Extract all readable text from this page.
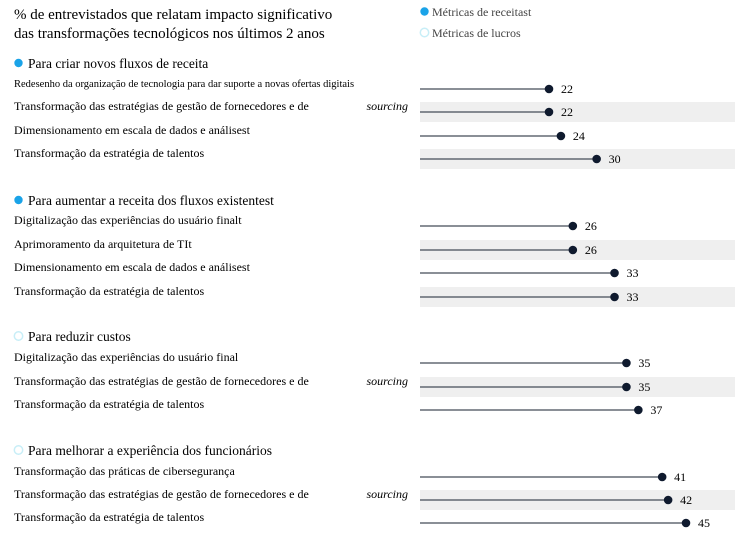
% de entrevistados que relatam impacto significativo
das transformações tecnológicos nos últimos 2 anos
Métricas de receitast
Métricas de lucros
Para criar novos fluxos de receita
Redesenho da organização de tecnologia para dar suporte a novas ofertas digitais	22
Transformação das estratégias de gestão de fornecedores e de	sourcing	22
Dimensionamento em escala de dados e análisest	24
Transformação da estratégia de talentos	30
Para aumentar a receita dos fluxos existentest
Digitalização das experiências do usuário finalt	26
Aprimoramento da arquitetura de TIt	26
Dimensionamento em escala de dados e análisest	33
Transformação da estratégia de talentos	33
Para reduzir custos
Digitalização das experiências do usuário final	35
Transformação das estratégias de gestão de fornecedores e de	sourcing	35
Transformação da estratégia de talentos	37
Para melhorar a experiência dos funcionários
Transformação das práticas de cibersegurança	41
Transformação das estratégias de gestão de fornecedores e de	sourcing	42
Transformação da estratégia de talentos	45
